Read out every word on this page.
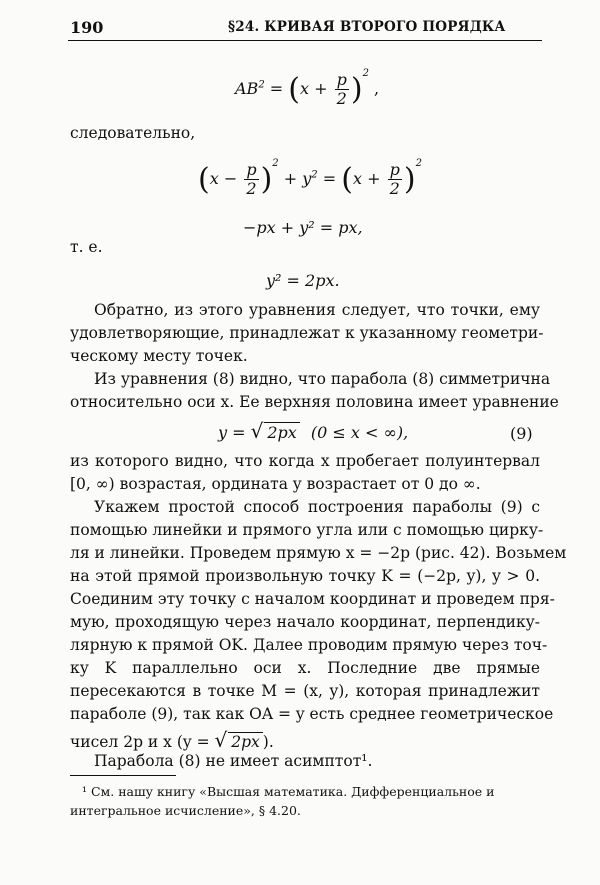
190	§24. КРИВАЯ ВТОРОГО ПОРЯДКА
$AB^2 = (x + \frac{p}{2} )^2$ ,
следовательно,
$(x - \frac{p}{2} )^2 + y^2 = (x + \frac{p}{2} )^2$
−px + y² = px,
т. е.
y² = 2px.
Обратно, из этого уравнения следует, что точки, ему
удовлетворяющие, принадлежат к указанному геометри-
ческому месту точек.
Из уравнения (8) видно, что парабола (8) симметрична
относительно оси x. Ее верхняя половина имеет уравнение
y = √ 2px (0 ≤ x < ∞),	(9)
из которого видно, что когда x пробегает полуинтервал
[0, ∞) возрастая, ордината y возрастает от 0 до ∞.
Укажем простой способ построения параболы (9) с
помощью линейки и прямого угла или с помощью цирку-
ля и линейки. Проведем прямую x = −2p (рис. 42). Возьмем
на этой прямой произвольную точку K = (−2p, y), y > 0.
Соединим эту точку с началом координат и проведем пря-
мую, проходящую через начало координат, перпендику-
лярную к прямой OK. Далее проводим прямую через точ-
ку K параллельно оси x. Последние две прямые
пересекаются в точке M = (x, y), которая принадлежит
параболе (9), так как OA = y есть среднее геометрическое
чисел 2p и x (y = √ 2px ).
Парабола (8) не имеет асимптот¹.
¹ См. нашу книгу «Высшая математика. Дифференциальное и
интегральное исчисление», § 4.20.
